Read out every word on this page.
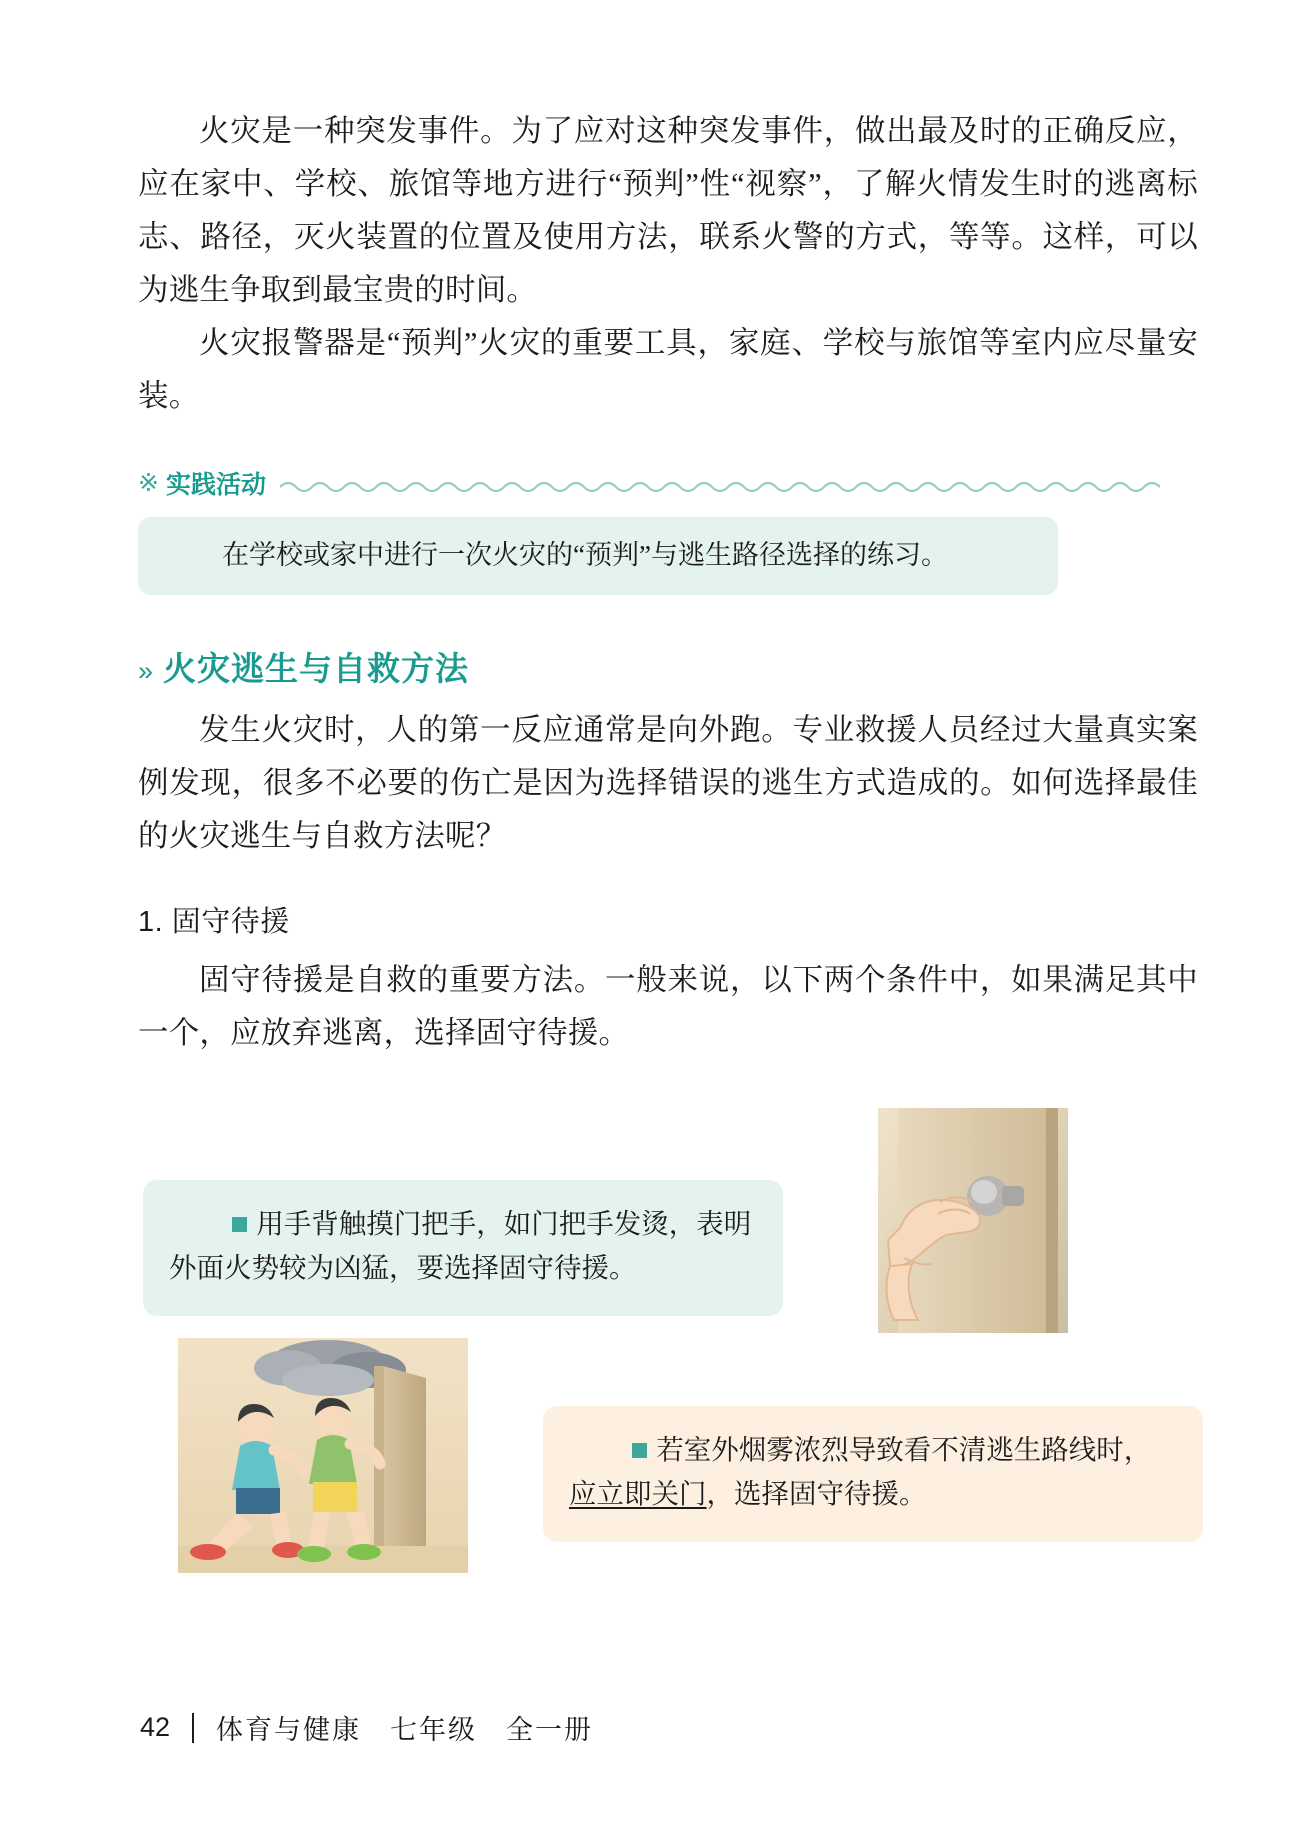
火灾是一种突发事件。为了应对这种突发事件，做出最及时的正确反应，应在家中、学校、旅馆等地方进行“预判”性“视察”，了解火情发生时的逃离标志、路径，灭火装置的位置及使用方法，联系火警的方式，等等。这样，可以为逃生争取到最宝贵的时间。

火灾报警器是“预判”火灾的重要工具，家庭、学校与旅馆等室内应尽量安装。

※ 实践活动

在学校或家中进行一次火灾的“预判”与逃生路径选择的练习。

» 火灾逃生与自救方法

发生火灾时，人的第一反应通常是向外跑。专业救援人员经过大量真实案例发现，很多不必要的伤亡是因为选择错误的逃生方式造成的。如何选择最佳的火灾逃生与自救方法呢？

1. 固守待援

固守待援是自救的重要方法。一般来说，以下两个条件中，如果满足其中一个，应放弃逃离，选择固守待援。

用手背触摸门把手，如门把手发烫，表明外面火势较为凶猛，要选择固守待援。

若室外烟雾浓烈导致看不清逃生路线时，应立即关门，选择固守待援。

42 体育与健康　七年级　全一册
